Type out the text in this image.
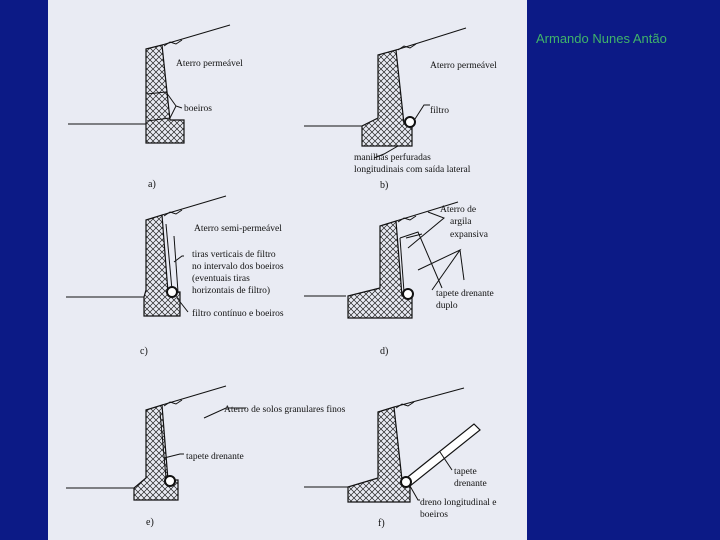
Armando Nunes Antão
Aterro permeável
boeiros
a)
Aterro permeável
filtro
manilhas perfuradas
longitudinais com saída lateral
b)
Aterro semi-permeável
tiras verticais de filtro
no intervalo dos boeiros
(eventuais tiras
horizontais de filtro)
filtro contínuo e boeiros
c)
Aterro de
argila
expansiva
tapete drenante
duplo
d)
Aterro de solos granulares finos
tapete drenante
e)
tapete
drenante
dreno longitudinal e
boeiros
f)
